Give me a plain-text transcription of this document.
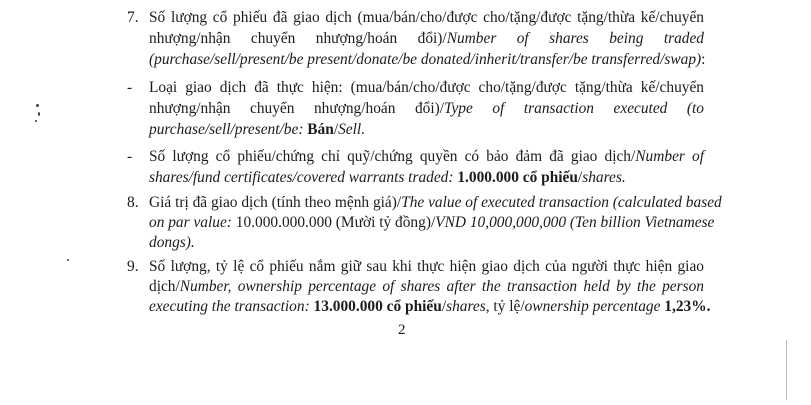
7. Số lượng cổ phiếu đã giao dịch (mua/bán/cho/được cho/tặng/được tặng/thừa kế/chuyển
nhượng/nhận chuyển nhượng/hoán đổi)/Number of shares being traded
(purchase/sell/present/be present/donate/be donated/inherit/transfer/be transferred/swap):
- Loại giao dịch đã thực hiện: (mua/bán/cho/được cho/tặng/được tặng/thừa kế/chuyển
nhượng/nhận chuyển nhượng/hoán đổi)/Type of transaction executed (to
purchase/sell/present/be: Bán/Sell.
- Số lượng cổ phiếu/chứng chỉ quỹ/chứng quyền có bảo đảm đã giao dịch/Number of
shares/fund certificates/covered warrants traded: 1.000.000 cổ phiếu/shares.
8. Giá trị đã giao dịch (tính theo mệnh giá)/The value of executed transaction (calculated based
on par value: 10.000.000.000 (Mười tỷ đồng)/VND 10,000,000,000 (Ten billion Vietnamese
dongs).
9. Số lượng, tỷ lệ cổ phiếu nắm giữ sau khi thực hiện giao dịch của người thực hiện giao
dịch/Number, ownership percentage of shares after the transaction held by the person
executing the transaction: 13.000.000 cổ phiếu/shares, tỷ lệ/ownership percentage 1,23%.
2
